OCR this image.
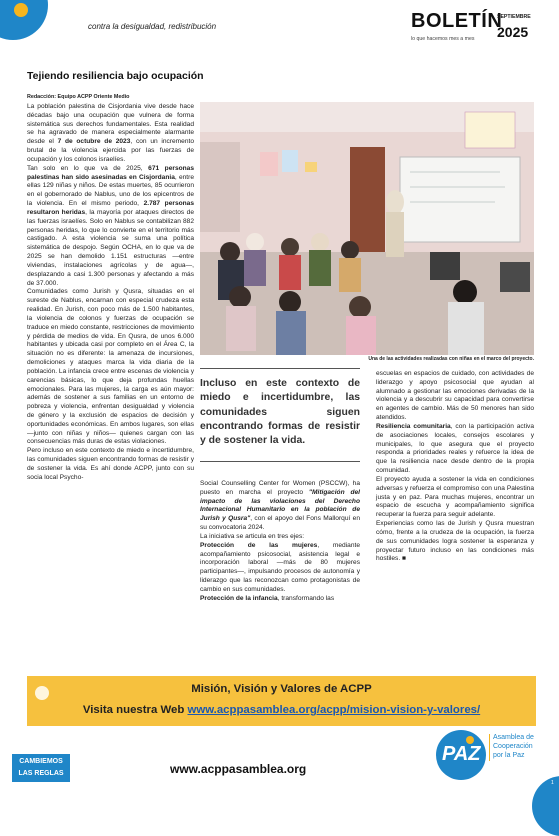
contra la desigualdad, redistribución	BOLETÍN
lo que hacemos mes a mes
SEPTIEMBRE
2025
Tejiendo resiliencia bajo ocupación
Redacción: Equipo ACPP Oriente Medio

La población palestina de Cisjordania vive desde hace décadas bajo una ocupación que vulnera de forma sistemática sus derechos fundamentales. Esta realidad se ha agravado de manera especialmente alarmante desde el 7 de octubre de 2023, con un incremento brutal de la violencia ejercida por las fuerzas de ocupación y los colonos israelíes.

Tan solo en lo que va de 2025, 671 personas palestinas han sido asesinadas en Cisjordania, entre ellas 129 niñas y niños. De estas muertes, 85 ocurrieron en el gobernorado de Nablus, uno de los epicentros de la violencia. En el mismo periodo, 2.787 personas resultaron heridas, la mayoría por ataques directos de las fuerzas israelíes. Solo en Nablus se contabilizan 882 personas heridas, lo que lo convierte en el territorio más castigado. A esta violencia se suma una política sistemática de despojo. Según OCHA, en lo que va de 2025 se han demolido 1.151 estructuras —entre viviendas, instalaciones agrícolas y de agua—, desplazando a casi 1.300 personas y afectando a más de 37.000.

Comunidades como Jurish y Qusra, situadas en el sureste de Nablus, encarnan con especial crudeza esta realidad. En Jurish, con poco más de 1.500 habitantes, la violencia de colonos y fuerzas de ocupación se traduce en miedo constante, restricciones de movimiento y pérdida de medios de vida. En Qusra, de unos 6.000 habitantes y ubicada casi por completo en el Área C, la situación no es diferente: la amenaza de incursiones, demoliciones y ataques marca la vida diaria de la población. La infancia crece entre escenas de violencia y carencias básicas, lo que deja profundas huellas emocionales. Para las mujeres, la carga es aún mayor: además de sostener a sus familias en un entorno de pobreza y violencia, enfrentan desigualdad y violencia de género y la exclusión de espacios de decisión y oportunidades económicas. En ambos lugares, son ellas —junto con niñas y niños— quienes cargan con las consecuencias más duras de estas violaciones.

Pero incluso en este contexto de miedo e incertidumbre, las comunidades siguen encontrando formas de resistir y de sostener la vida. Es ahí donde ACPP, junto con su socia local Psycho-

Una de las actividades realizadas con niñas en el marco del proyecto.
Incluso en este contexto de miedo e incertidumbre, las comunidades siguen encontrando formas de resistir y de sostener la vida.

Social Counselling Center for Women (PSCCW), ha puesto en marcha el proyecto "Mitigación del impacto de las violaciones del Derecho Internacional Humanitario en la población de Jurish y Qusra", con el apoyo del Fons Mallorquí en su convocatoria 2024.

La iniciativa se articula en tres ejes:

Protección de las mujeres, mediante acompañamiento psicosocial, asistencia legal e incorporación laboral —más de 80 mujeres participantes—, impulsando procesos de autonomía y liderazgo que las reconozcan como protagonistas de cambio en sus comunidades.

Protección de la infancia, transformando las

escuelas en espacios de cuidado, con actividades de liderazgo y apoyo psicosocial que ayudan al alumnado a gestionar las emociones derivadas de la violencia y a descubrir su capacidad para convertirse en agentes de cambio. Más de 50 menores han sido atendidos.

Resiliencia comunitaria, con la participación activa de asociaciones locales, consejos escolares y municipales, lo que asegura que el proyecto responda a prioridades reales y refuerce la idea de que la resiliencia nace desde dentro de la propia comunidad.

El proyecto ayuda a sostener la vida en condiciones adversas y refuerza el compromiso con una Palestina justa y en paz. Para muchas mujeres, encontrar un espacio de escucha y acompañamiento significa recuperar la fuerza para seguir adelante.

Experiencias como las de Jurish y Qusra muestran cómo, frente a la crudeza de la ocupación, la fuerza de sus comunidades logra sostener la esperanza y proyectar futuro incluso en las condiciones más hostiles. ■

Misión, Visión y Valores de ACPP
Visita nuestra Web www.acppasamblea.org/acpp/mision-vision-y-valores/
CAMBIEMOS
LAS REGLAS	www.acppasamblea.org
PAZ
Asamblea de
Cooperación
por la Paz
1
